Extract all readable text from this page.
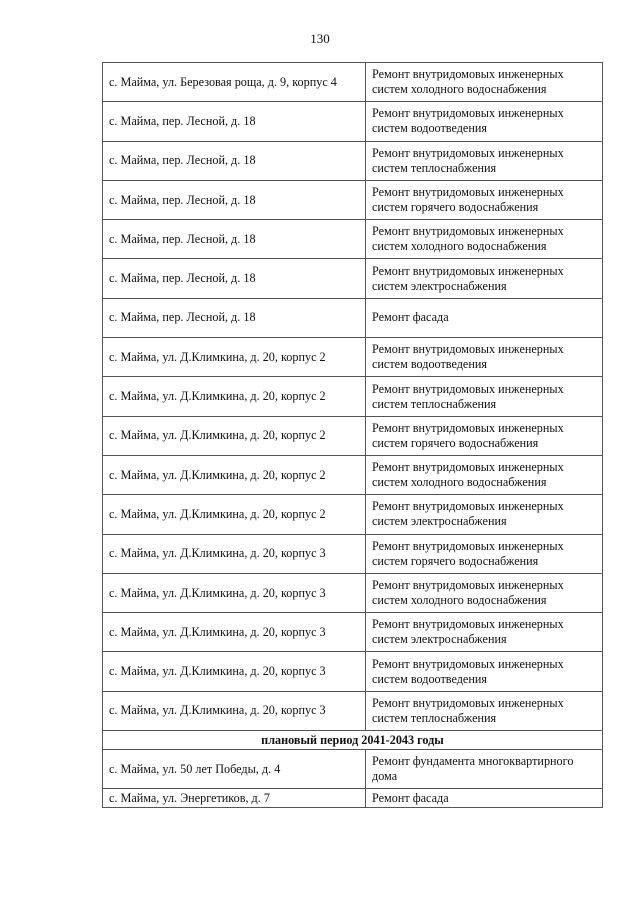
130
с. Майма, ул. Березовая роща, д. 9, корпус 4	Ремонт внутридомовых инженерных систем холодного водоснабжения
с. Майма, пер. Лесной, д. 18	Ремонт внутридомовых инженерных систем водоотведения
с. Майма, пер. Лесной, д. 18	Ремонт внутридомовых инженерных систем теплоснабжения
с. Майма, пер. Лесной, д. 18	Ремонт внутридомовых инженерных систем горячего водоснабжения
с. Майма, пер. Лесной, д. 18	Ремонт внутридомовых инженерных систем холодного водоснабжения
с. Майма, пер. Лесной, д. 18	Ремонт внутридомовых инженерных систем электроснабжения
с. Майма, пер. Лесной, д. 18	Ремонт фасада
с. Майма, ул. Д.Климкина, д. 20, корпус 2	Ремонт внутридомовых инженерных систем водоотведения
с. Майма, ул. Д.Климкина, д. 20, корпус 2	Ремонт внутридомовых инженерных систем теплоснабжения
с. Майма, ул. Д.Климкина, д. 20, корпус 2	Ремонт внутридомовых инженерных систем горячего водоснабжения
с. Майма, ул. Д.Климкина, д. 20, корпус 2	Ремонт внутридомовых инженерных систем холодного водоснабжения
с. Майма, ул. Д.Климкина, д. 20, корпус 2	Ремонт внутридомовых инженерных систем электроснабжения
с. Майма, ул. Д.Климкина, д. 20, корпус 3	Ремонт внутридомовых инженерных систем горячего водоснабжения
с. Майма, ул. Д.Климкина, д. 20, корпус 3	Ремонт внутридомовых инженерных систем холодного водоснабжения
с. Майма, ул. Д.Климкина, д. 20, корпус 3	Ремонт внутридомовых инженерных систем электроснабжения
с. Майма, ул. Д.Климкина, д. 20, корпус 3	Ремонт внутридомовых инженерных систем водоотведения
с. Майма, ул. Д.Климкина, д. 20, корпус 3	Ремонт внутридомовых инженерных систем теплоснабжения
плановый период 2041-2043 годы	
с. Майма, ул. 50 лет Победы, д. 4	Ремонт фундамента многоквартирного дома
с. Майма, ул. Энергетиков, д. 7	Ремонт фасада
